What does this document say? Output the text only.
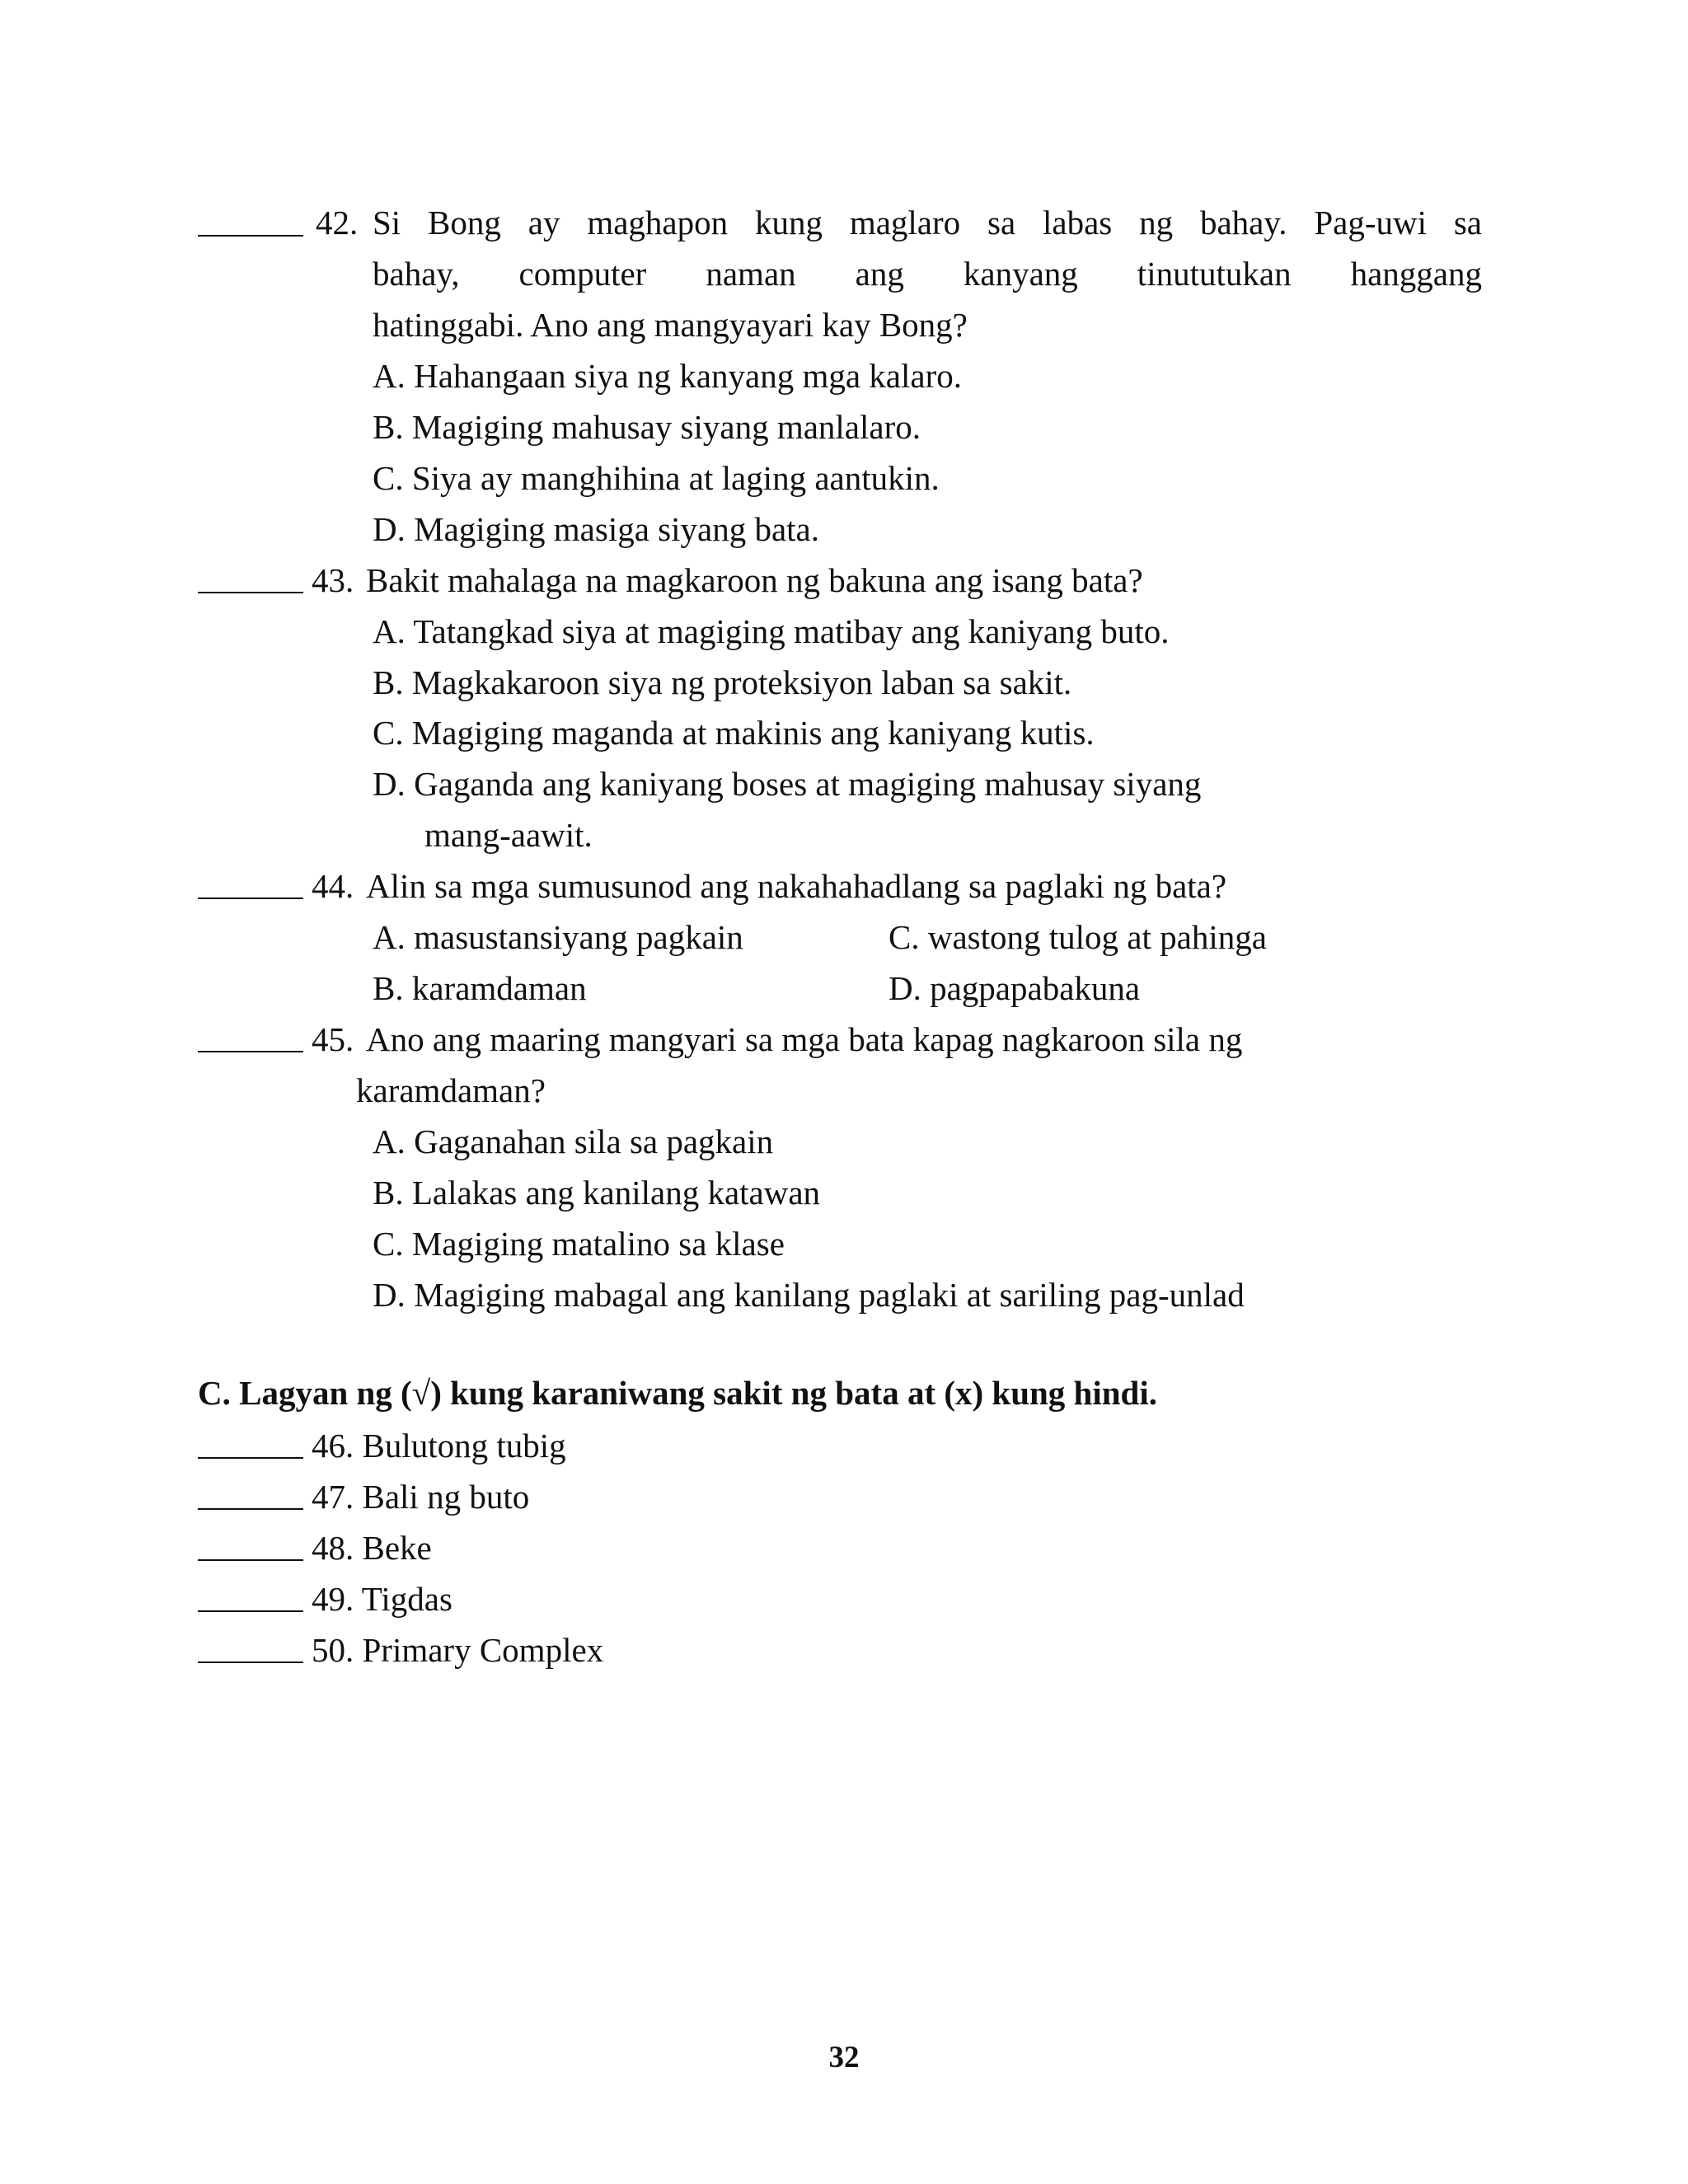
42. Si Bong ay maghapon kung maglaro sa labas ng bahay. Pag-uwi sa
bahay, computer naman ang kanyang tinututukan hanggang
hatinggabi. Ano ang mangyayari kay Bong?
A. Hahangaan siya ng kanyang mga kalaro.
B. Magiging mahusay siyang manlalaro.
C. Siya ay manghihina at laging aantukin.
D. Magiging masiga siyang bata.
43. Bakit mahalaga na magkaroon ng bakuna ang isang bata?
A. Tatangkad siya at magiging matibay ang kaniyang buto.
B. Magkakaroon siya ng proteksiyon laban sa sakit.
C. Magiging maganda at makinis ang kaniyang kutis.
D. Gaganda ang kaniyang boses at magiging mahusay siyang
mang-aawit.
44. Alin sa mga sumusunod ang nakahahadlang sa paglaki ng bata?
A. masustansiyang pagkain	C. wastong tulog at pahinga
B. karamdaman	D. pagpapabakuna
45. Ano ang maaring mangyari sa mga bata kapag nagkaroon sila ng
karamdaman?
A. Gaganahan sila sa pagkain
B. Lalakas ang kanilang katawan
C. Magiging matalino sa klase
D. Magiging mabagal ang kanilang paglaki at sariling pag-unlad
C. Lagyan ng (√) kung karaniwang sakit ng bata at (x) kung hindi.
46. Bulutong tubig
47. Bali ng buto
48. Beke
49. Tigdas
50. Primary Complex
32
